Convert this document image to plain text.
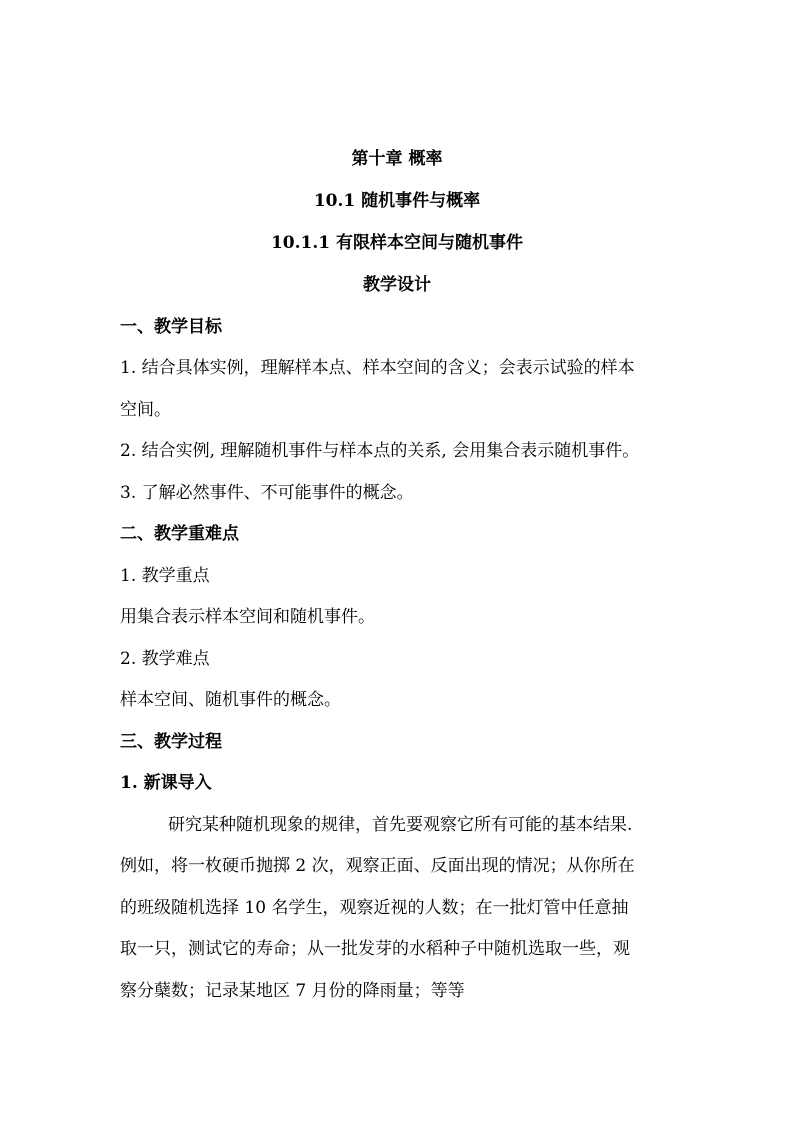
第十章 概率
10.1 随机事件与概率
10.1.1 有限样本空间与随机事件
教学设计
一、教学目标
1. 结合具体实例，理解样本点、样本空间的含义；会表示试验的样本
空间。
2. 结合实例, 理解随机事件与样本点的关系, 会用集合表示随机事件。
3. 了解必然事件、不可能事件的概念。
二、教学重难点
1. 教学重点
用集合表示样本空间和随机事件。
2. 教学难点
样本空间、随机事件的概念。
三、教学过程
1. 新课导入
研究某种随机现象的规律，首先要观察它所有可能的基本结果.
例如，将一枚硬币抛掷 2 次，观察正面、反面出现的情况；从你所在
的班级随机选择 10 名学生，观察近视的人数；在一批灯管中任意抽
取一只，测试它的寿命；从一批发芽的水稻种子中随机选取一些，观
察分蘖数；记录某地区 7 月份的降雨量；等等
